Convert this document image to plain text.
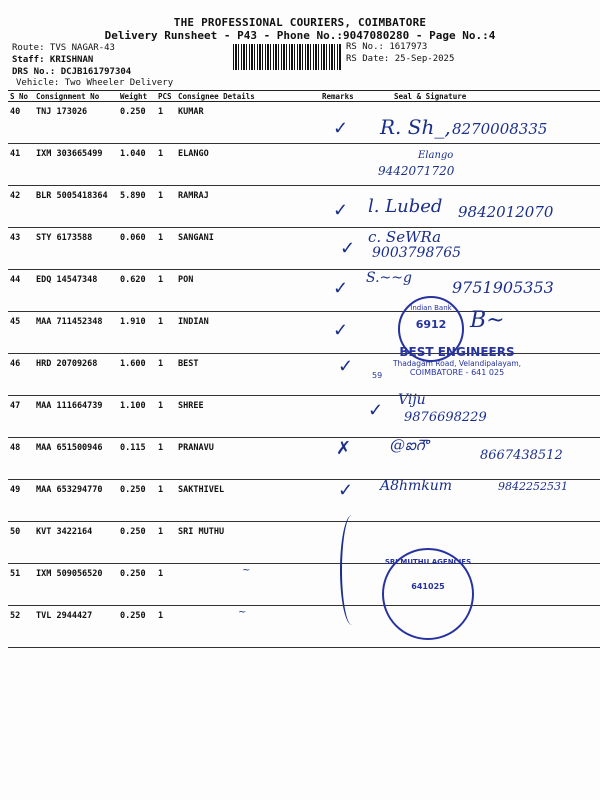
THE PROFESSIONAL COURIERS, COIMBATORE
Delivery Runsheet - P43 - Phone No.:9047080280 - Page No.:4
Route: TVS NAGAR-43
Staff: KRISHNAN
DRS No.: DCJB161797304
Vehicle: Two Wheeler Delivery
RS No.: 1617973
RS Date: 25-Sep-2025
S No	Consignment No	Weight	PCS	Consignee Details	Remarks	Seal & Signature
40	TNJ 173026	0.250	1	KUMAR		
41	IXM 303665499	1.040	1	ELANGO		
42	BLR 5005418364	5.890	1	RAMRAJ		
43	STY 6173588	0.060	1	SANGANI		
44	EDQ 14547348	0.620	1	PON		
45	MAA 711452348	1.910	1	INDIAN		
46	HRD 20709268	1.600	1	BEST		
47	MAA 111664739	1.100	1	SHREE		
48	MAA 651500946	0.115	1	PRANAVU		
49	MAA 653294770	0.250	1	SAKTHIVEL		
50	KVT 3422164	0.250	1	SRI MUTHU		
51	IXM 509056520	0.250	1			
52	TVL 2944427	0.250	1			
✓ R. Sh_, 8270008335
Elango
9442071720
✓ l. Lubed 9842012070
✓
c. SeWRa
9003798765
✓ S.~~g	9751905353
✓
Indian Bank
6912	B~
✓
BEST ENGINEERS
Thadagam Road, Velandipalayam,
COIMBATORE - 641 025
59
✓ Viju
9876698229
✗	@ఐగౌ
8667438512
✓ A8hmkum	9842252531
SRI MUTHU AGENCIES
641025
~
~
